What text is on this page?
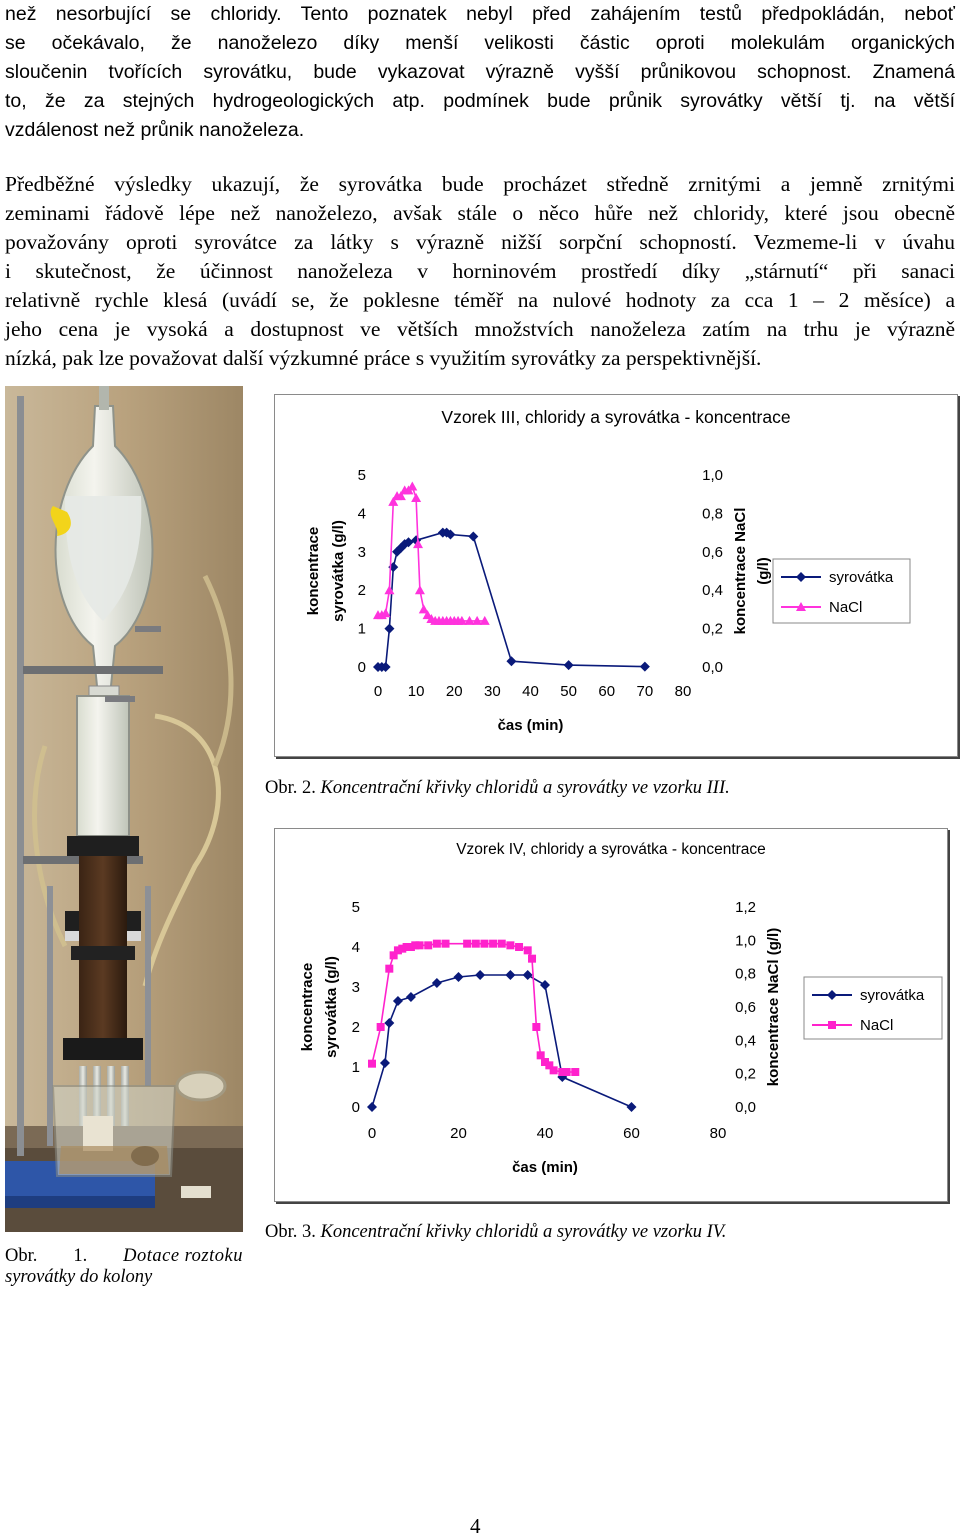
než nesorbující se chloridy. Tento poznatek nebyl před zahájením testů předpokládán, neboť
se očekávalo, že nanoželezo díky menší velikosti částic oproti molekulám organických
sloučenin tvořících syrovátku, bude vykazovat výrazně vyšší průnikovou schopnost. Znamená
to, že za stejných hydrogeologických atp. podmínek bude průnik syrovátky větší tj. na větší
vzdálenost než průnik nanoželeza.
Předběžné výsledky ukazují, že syrovátka bude procházet středně zrnitými a jemně zrnitými
zeminami řádově lépe než nanoželezo, avšak stále o něco hůře než chloridy, které jsou obecně
považovány oproti syrovátce za látky s výrazně nižší sorpční schopností. Vezmeme-li v úvahu
i skutečnost, že účinnost nanoželeza v horninovém prostředí díky „stárnutí“ při sanaci
relativně rychle klesá (uvádí se, že poklesne téměř na nulové hodnoty za cca 1 – 2 měsíce) a
jeho cena je vysoká a dostupnost ve větších množstvích nanoželeza zatím na trhu je výrazně
nízká, pak lze považovat další výzkumné práce s využitím syrovátky za perspektivnější.
Vzorek III, chloridy a syrovátka - koncentrace
0 10 20 30 40 50 60 70 80
0
1
2
3
4
5
0,0
0,2
0,4
0,6
0,8
1,0
čas (min)
koncentrace syrovátka (g/l)	koncentrace NaCl (g/l)	syrovátka
NaCl
Obr. 2. Koncentrační křivky chloridů a syrovátky ve vzorku III.
Vzorek IV, chloridy a syrovátka - koncentrace
0	20	40	60	80
0
1
2
3
4
5
0,0
0,2
0,4
0,6
0,8
1,0
1,2
čas (min)
koncentrace syrovátka (g/l)	koncentrace NaCl (g/l)	syrovátka
NaCl
Obr. 3. Koncentrační křivky chloridů a syrovátky ve vzorku IV.
Obr. 1. Dotace roztoku
syrovátky do kolony
4
